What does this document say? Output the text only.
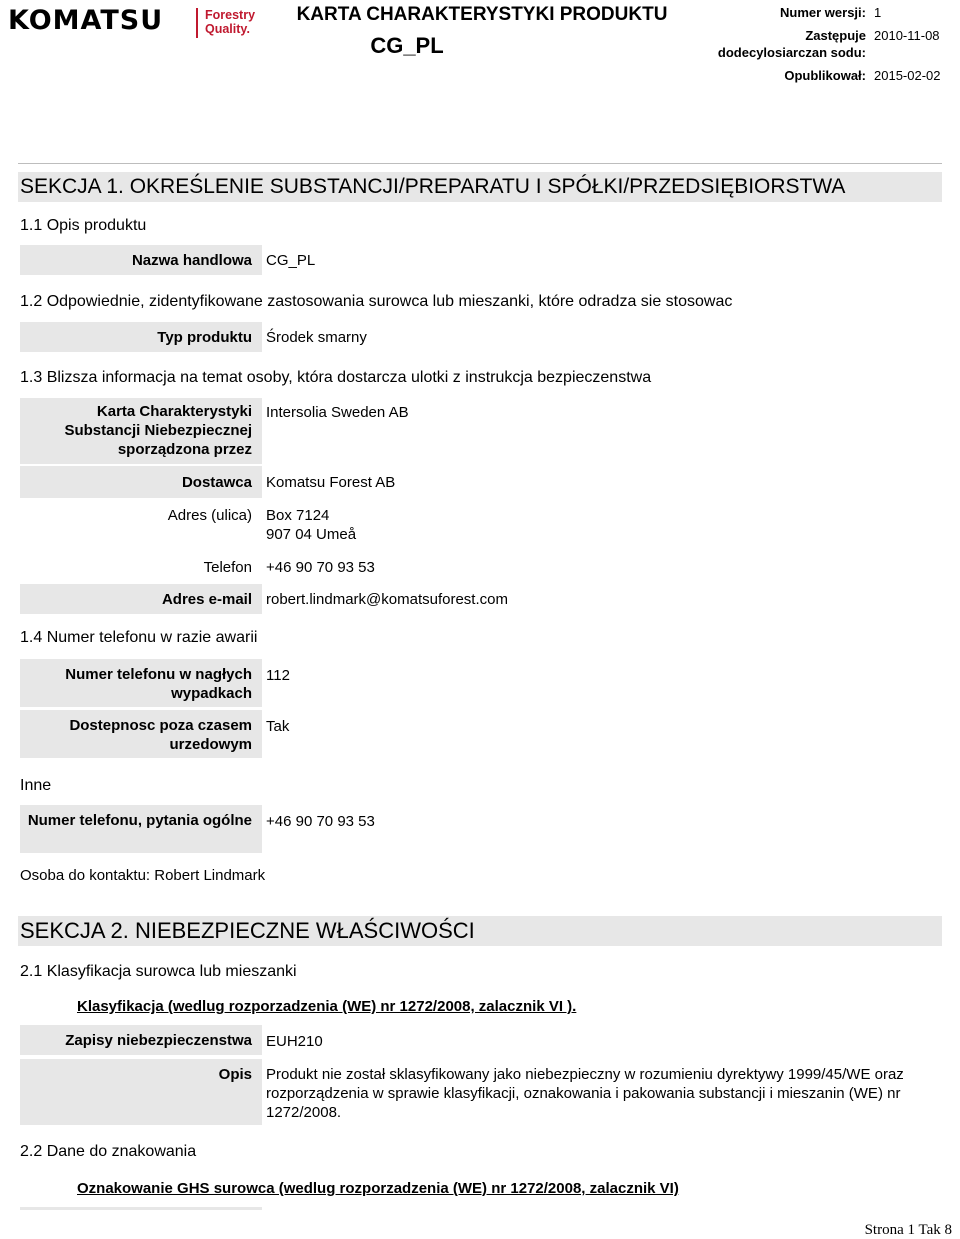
KOMATSU	Forestry
Quality.
KARTA CHARAKTERYSTYKI PRODUKTU
CG_PL
Numer wersji: 1
Zastępuje 2010-11-08
dodecylosiarczan sodu:
Opublikował: 2015-02-02
SEKCJA 1. OKREŚLENIE SUBSTANCJI/PREPARATU I SPÓŁKI/PRZEDSIĘBIORSTWA
1.1 Opis produktu
Nazwa handlowa CG_PL
1.2 Odpowiednie, zidentyfikowane zastosowania surowca lub mieszanki, które odradza sie stosowac
Typ produktu Środek smarny
1.3 Blizsza informacja na temat osoby, która dostarcza ulotki z instrukcja bezpieczenstwa
Karta Charakterystyki Substancji Niebezpiecznej sporządzona przez
Intersolia Sweden AB
Dostawca Komatsu Forest AB
Adres (ulica) Box 7124
907 04 Umeå
Telefon +46 90 70 93 53
Adres e-mail robert.lindmark@komatsuforest.com
1.4 Numer telefonu w razie awarii
Numer telefonu w nagłych wypadkach
112
Dostepnosc poza czasem urzedowym
Tak
Inne
Numer telefonu, pytania ogólne +46 90 70 93 53
Osoba do kontaktu: Robert Lindmark
SEKCJA 2. NIEBEZPIECZNE WŁAŚCIWOŚCI
2.1 Klasyfikacja surowca lub mieszanki
Klasyfikacja (wedlug rozporzadzenia (WE) nr 1272/2008, zalacznik VI ).
Zapisy niebezpieczenstwa EUH210
Opis Produkt nie został sklasyfikowany jako niebezpieczny w rozumieniu dyrektywy 1999/45/WE oraz rozporządzenia w sprawie klasyfikacji, oznakowania i pakowania substancji i mieszanin (WE) nr 1272/2008.
2.2 Dane do znakowania
Oznakowanie GHS surowca (wedlug rozporzadzenia (WE) nr 1272/2008, zalacznik VI)
Strona 1 Tak 8
